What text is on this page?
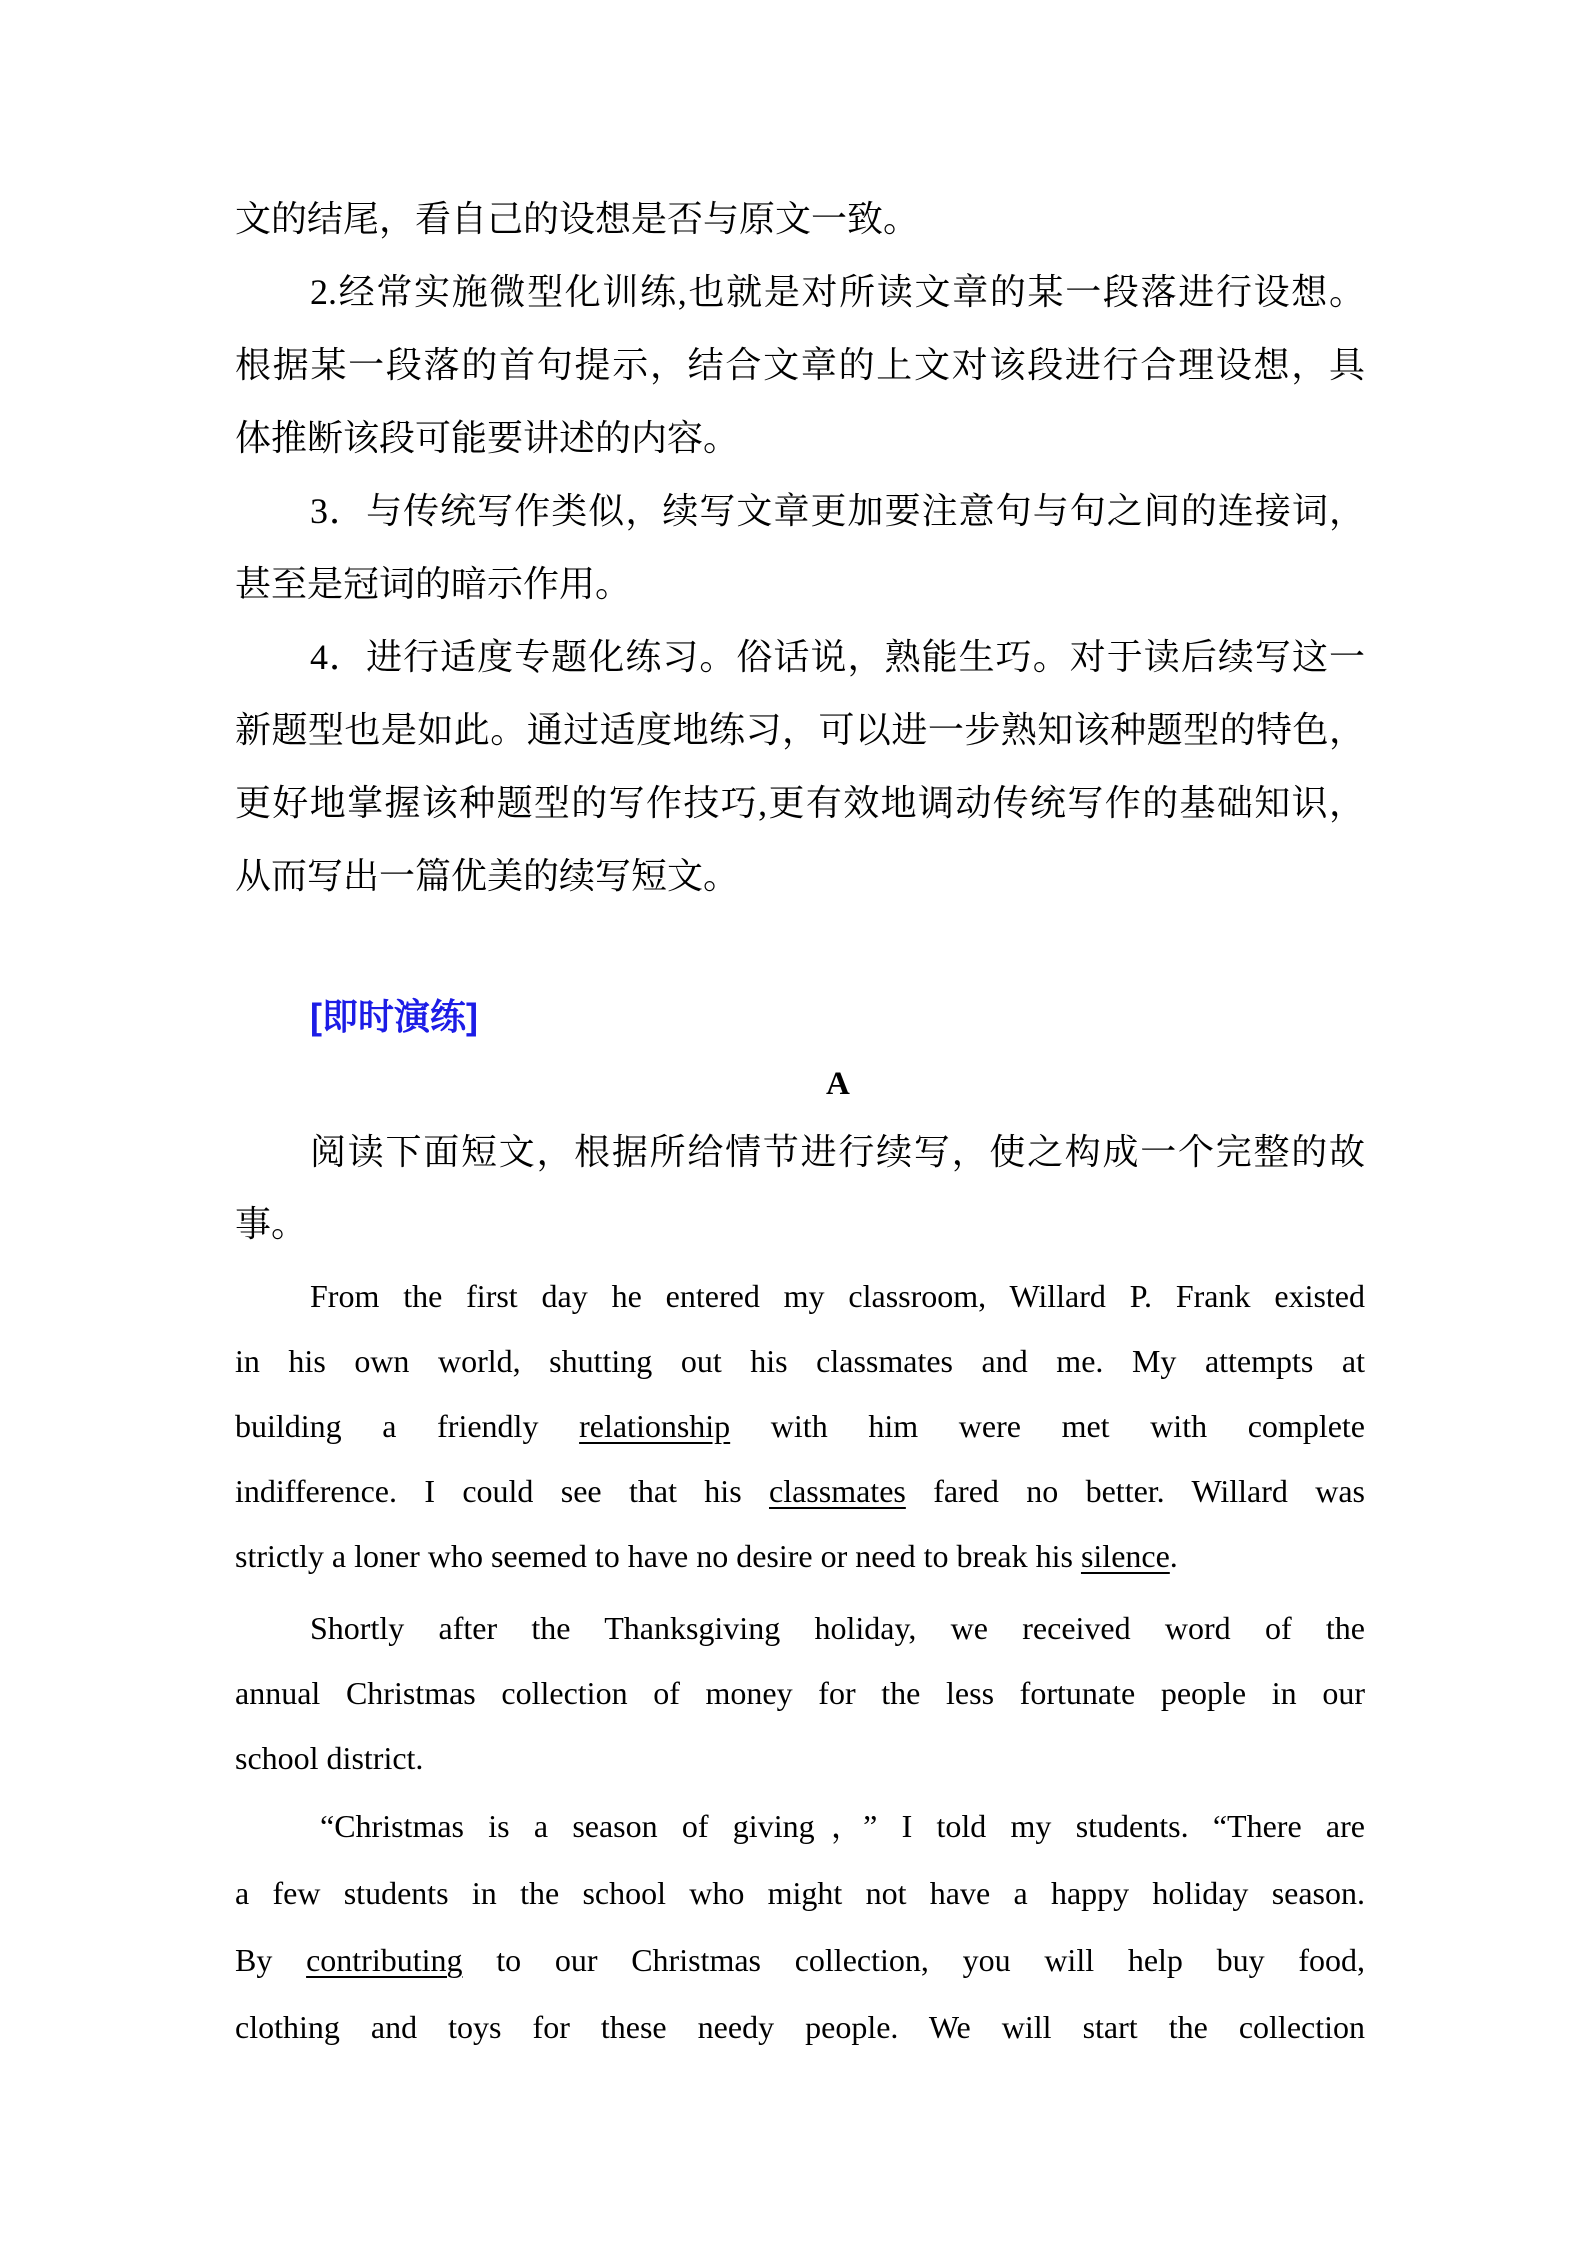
文的结尾，看自己的设想是否与原文一致。
2.经常实施微型化训练,也就是对所读文章的某一段落进行设想。
根据某一段落的首句提示，结合文章的上文对该段进行合理设想，具
体推断该段可能要讲述的内容。
3．与传统写作类似，续写文章更加要注意句与句之间的连接词，
甚至是冠词的暗示作用。
4．进行适度专题化练习。俗话说，熟能生巧。对于读后续写这一
新题型也是如此。通过适度地练习，可以进一步熟知该种题型的特色，
更好地掌握该种题型的写作技巧,更有效地调动传统写作的基础知识，
从而写出一篇优美的续写短文。
[即时演练]
A
阅读下面短文，根据所给情节进行续写，使之构成一个完整的故
事。
From the first day he entered my classroom, Willard P. Frank existed
in his own world, shutting out his classmates and me. My attempts at
building a friendly relationship with him were met with complete
indifference. I could see that his classmates fared no better. Willard was
strictly a loner who seemed to have no desire or need to break his silence.
Shortly after the Thanksgiving holiday, we received word of the
annual Christmas collection of money for the less fortunate people in our
school district.
“Christmas is a season of giving，” I told my students. “There are
a few students in the school who might not have a happy holiday season.
By contributing to our Christmas collection, you will help buy food,
clothing and toys for these needy people. We will start the collection
